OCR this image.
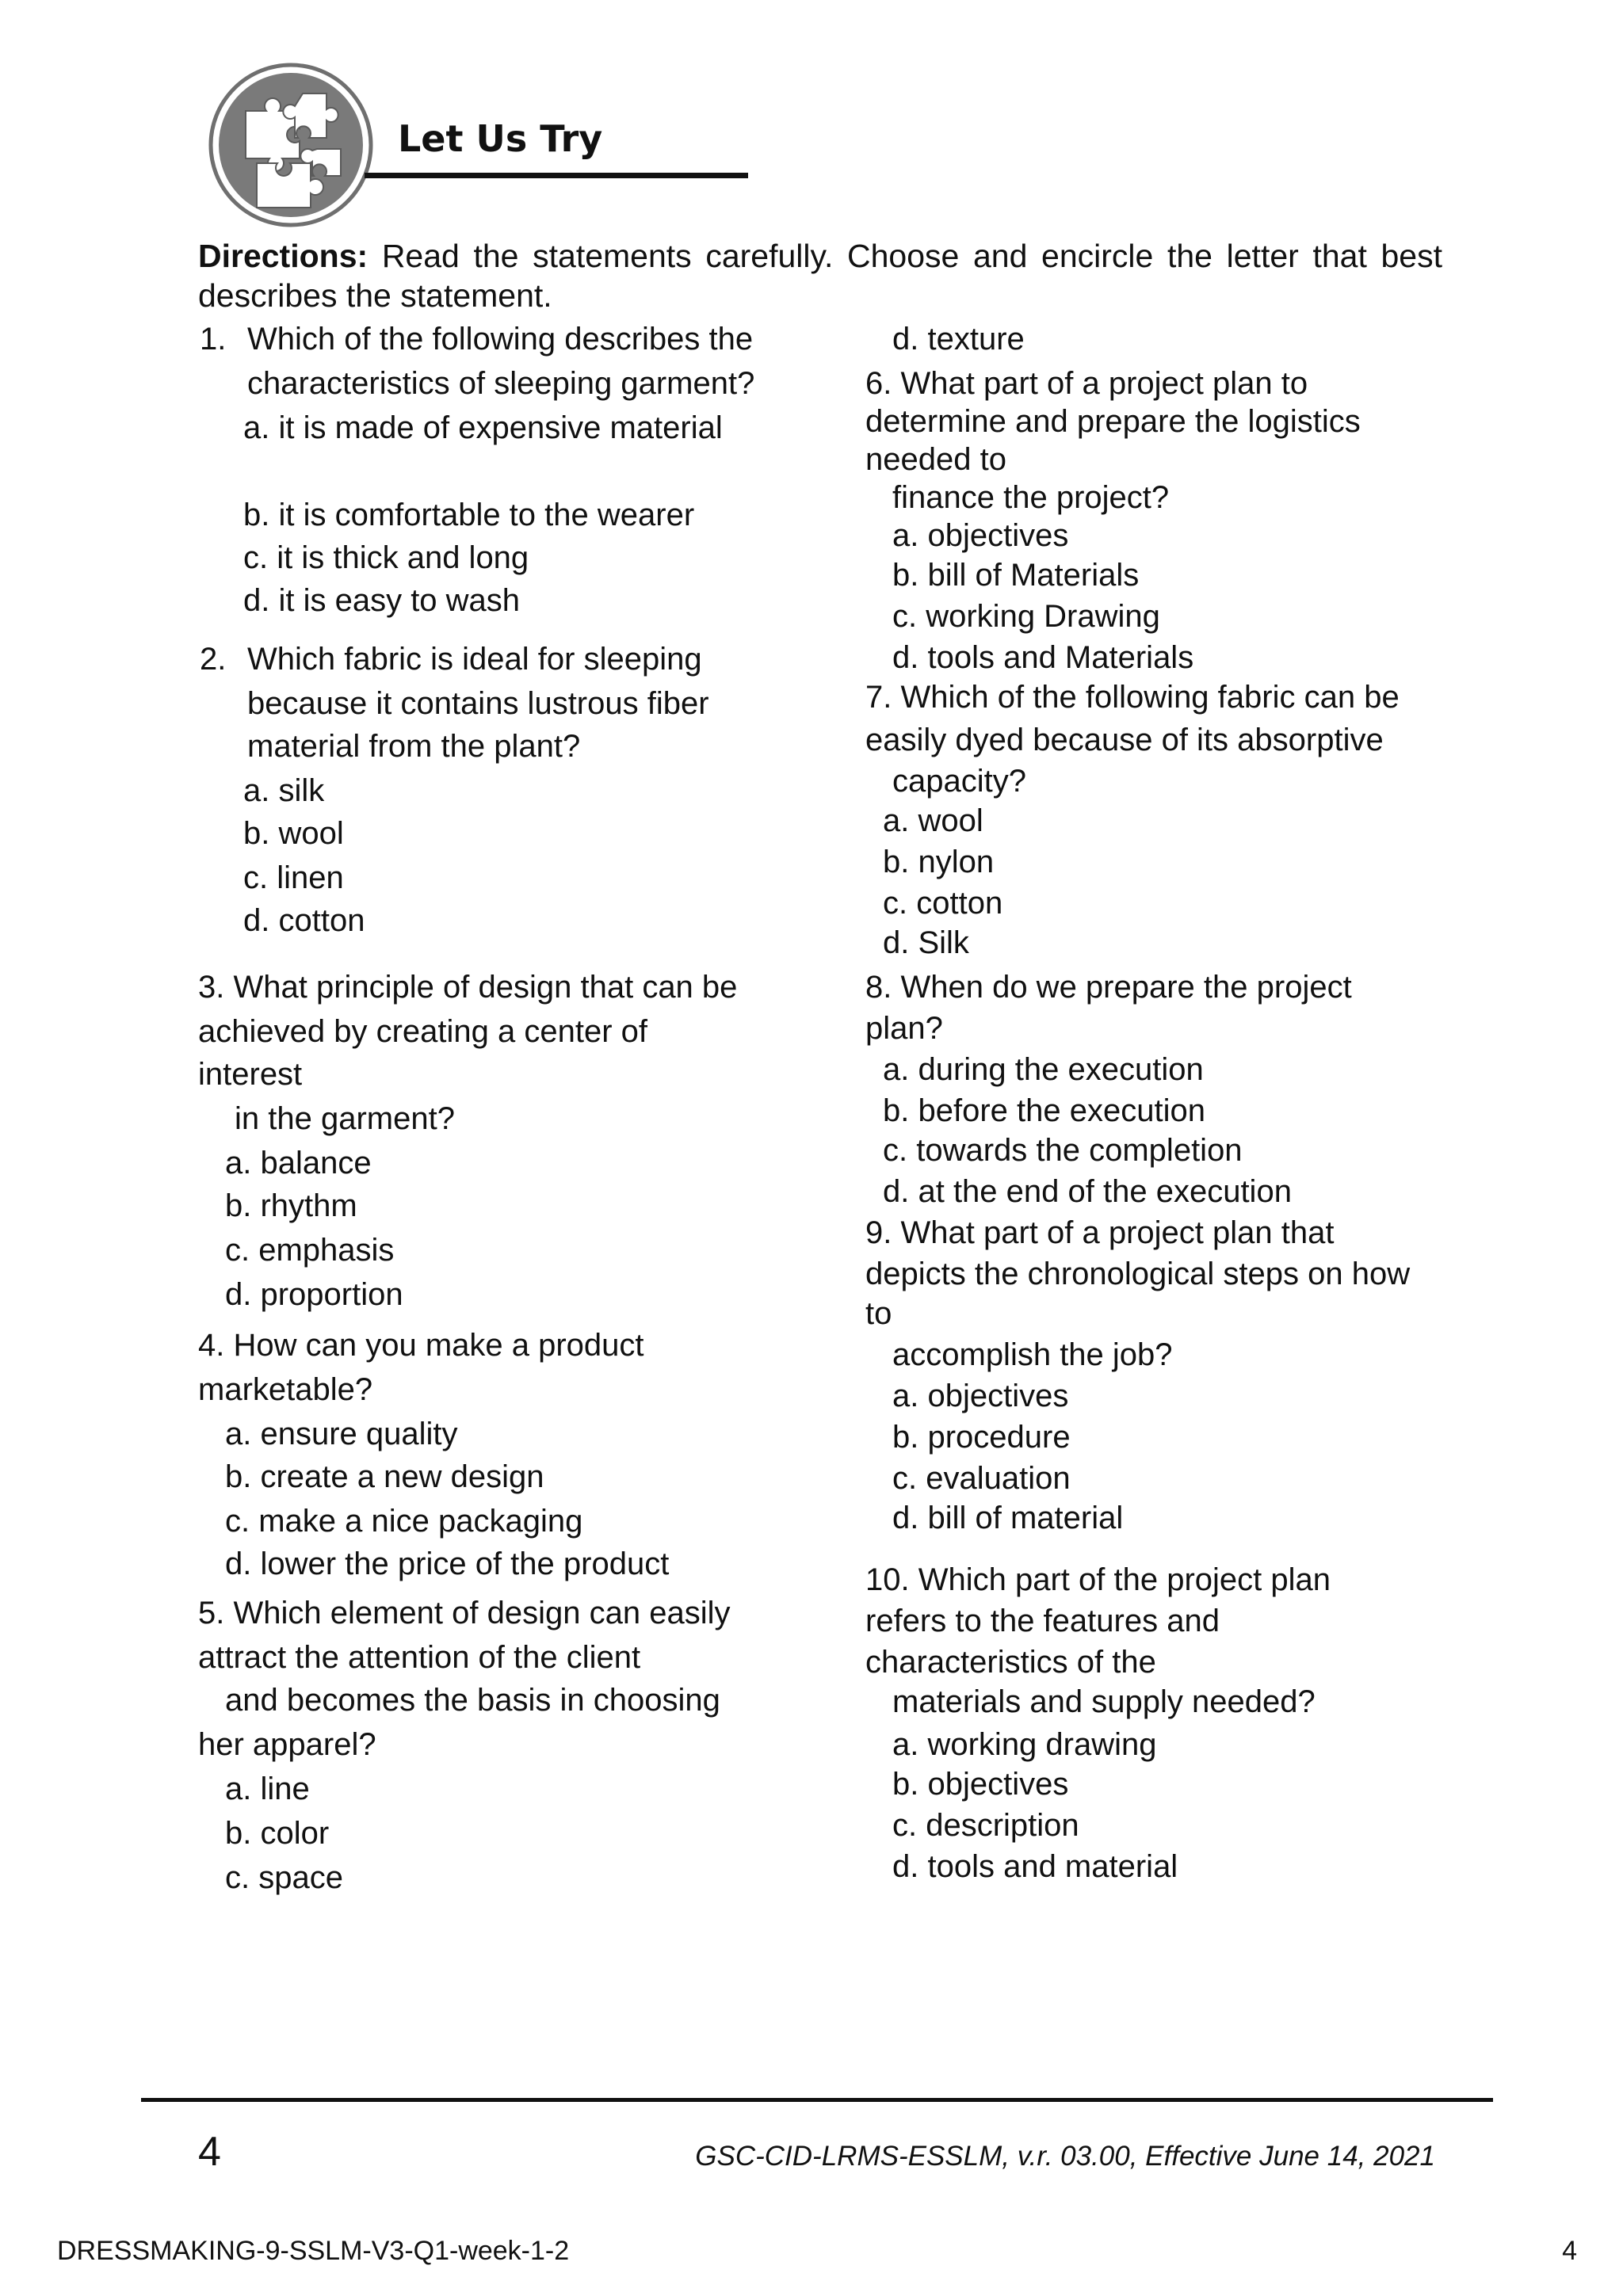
Let Us Try
Directions: Read the statements carefully. Choose and encircle the letter that best describes the statement.
1. Which of the following describes the
characteristics of sleeping garment?
a. it is made of expensive material
b. it is comfortable to the wearer
c. it is thick and long
d. it is easy to wash
2. Which fabric is ideal for sleeping
because it contains lustrous fiber
material from the plant?
a. silk
b. wool
c. linen
d. cotton
3. What principle of design that can be
achieved by creating a center of
interest
in the garment?
a. balance
b. rhythm
c. emphasis
d. proportion
4. How can you make a product
marketable?
a. ensure quality
b. create a new design
c. make a nice packaging
d. lower the price of the product
5. Which element of design can easily
attract the attention of the client
and becomes the basis in choosing
her apparel?
a. line
b. color
c. space
d. texture
6. What part of a project plan to
determine and prepare the logistics
needed to
finance the project?
a. objectives
b. bill of Materials
c. working Drawing
d. tools and Materials
7. Which of the following fabric can be
easily dyed because of its absorptive
capacity?
a. wool
b. nylon
c. cotton
d. Silk
8. When do we prepare the project
plan?
a. during the execution
b. before the execution
c. towards the completion
d. at the end of the execution
9. What part of a project plan that
depicts the chronological steps on how
to
accomplish the job?
a. objectives
b. procedure
c. evaluation
d. bill of material
10. Which part of the project plan
refers to the features and
characteristics of the
materials and supply needed?
a. working drawing
b. objectives
c. description
d. tools and material
4	GSC-CID-LRMS-ESSLM, v.r. 03.00, Effective June 14, 2021
DRESSMAKING-9-SSLM-V3-Q1-week-1-2	4
